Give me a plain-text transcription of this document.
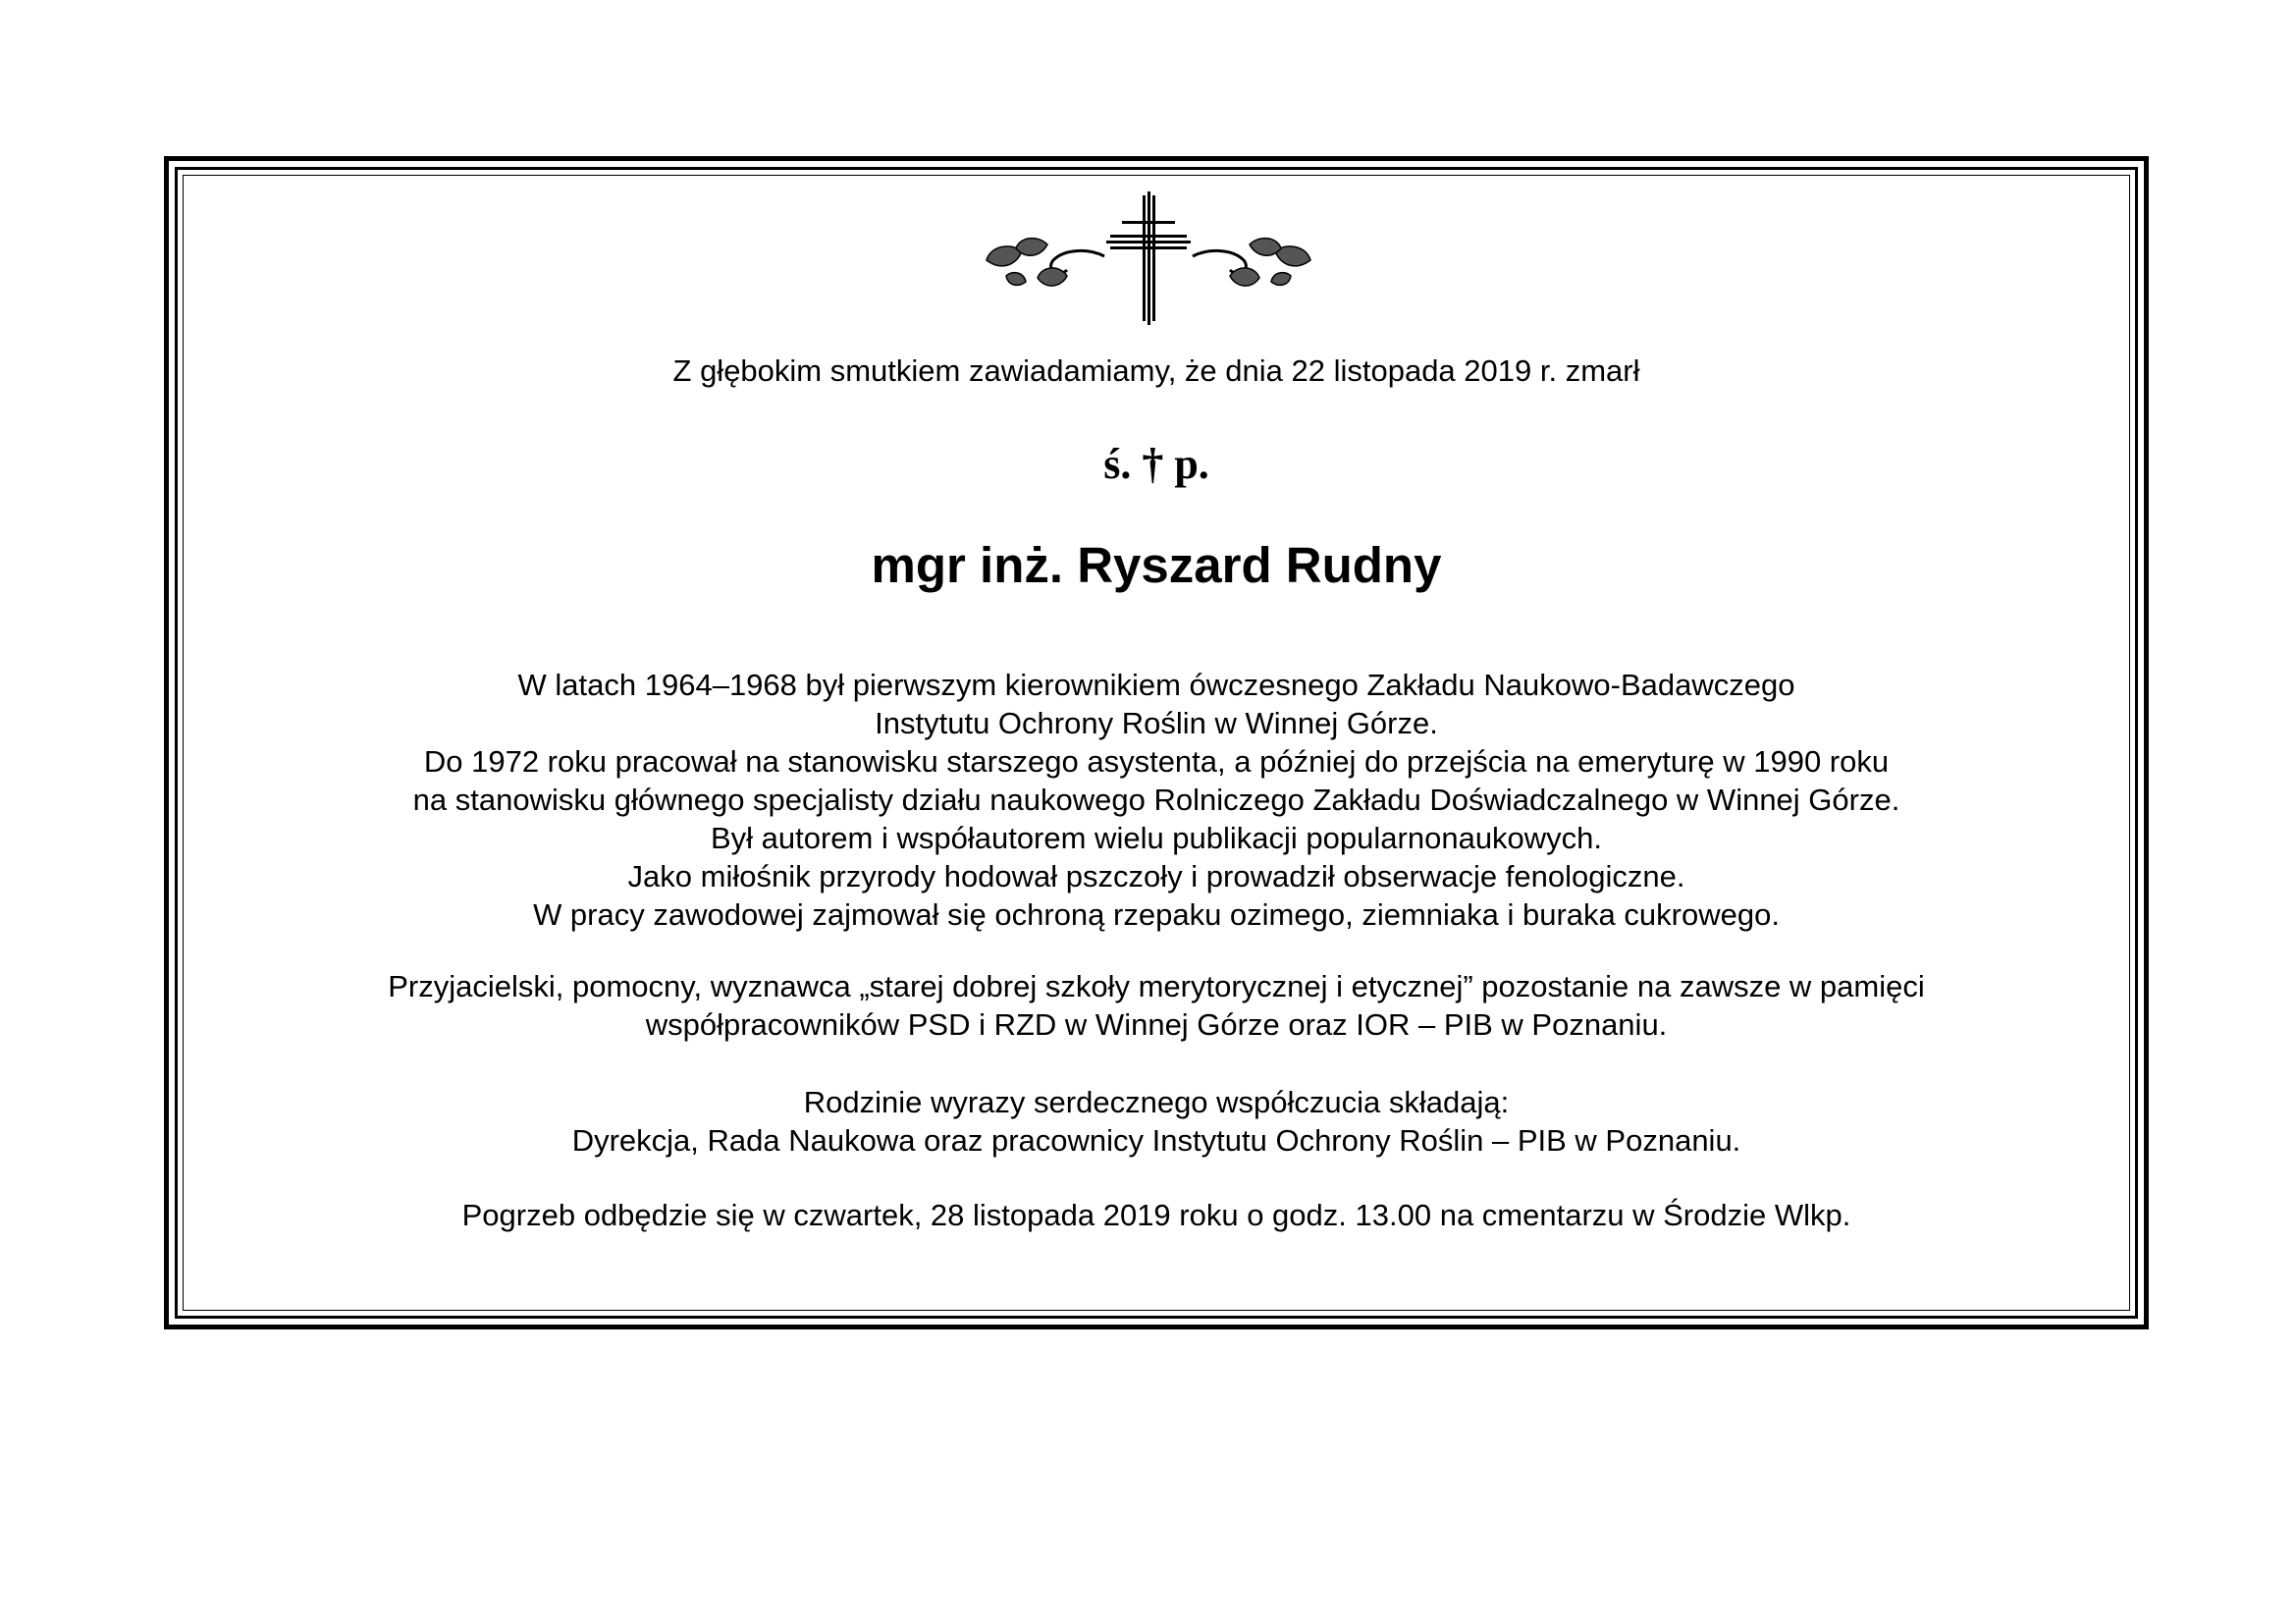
Z głębokim smutkiem zawiadamiamy, że dnia 22 listopada 2019 r. zmarł
ś. † p.
mgr inż. Ryszard Rudny
W latach 1964–1968 był pierwszym kierownikiem ówczesnego Zakładu Naukowo-Badawczego
Instytutu Ochrony Roślin w Winnej Górze.
Do 1972 roku pracował na stanowisku starszego asystenta, a później do przejścia na emeryturę w 1990 roku
na stanowisku głównego specjalisty działu naukowego Rolniczego Zakładu Doświadczalnego w Winnej Górze.
Był autorem i współautorem wielu publikacji popularnonaukowych.
Jako miłośnik przyrody hodował pszczoły i prowadził obserwacje fenologiczne.
W pracy zawodowej zajmował się ochroną rzepaku ozimego, ziemniaka i buraka cukrowego.
Przyjacielski, pomocny, wyznawca „starej dobrej szkoły merytorycznej i etycznej” pozostanie na zawsze w pamięci
współpracowników PSD i RZD w Winnej Górze oraz IOR – PIB w Poznaniu.
Rodzinie wyrazy serdecznego współczucia składają:
Dyrekcja, Rada Naukowa oraz pracownicy Instytutu Ochrony Roślin – PIB w Poznaniu.
Pogrzeb odbędzie się w czwartek, 28 listopada 2019 roku o godz. 13.00 na cmentarzu w Środzie Wlkp.
